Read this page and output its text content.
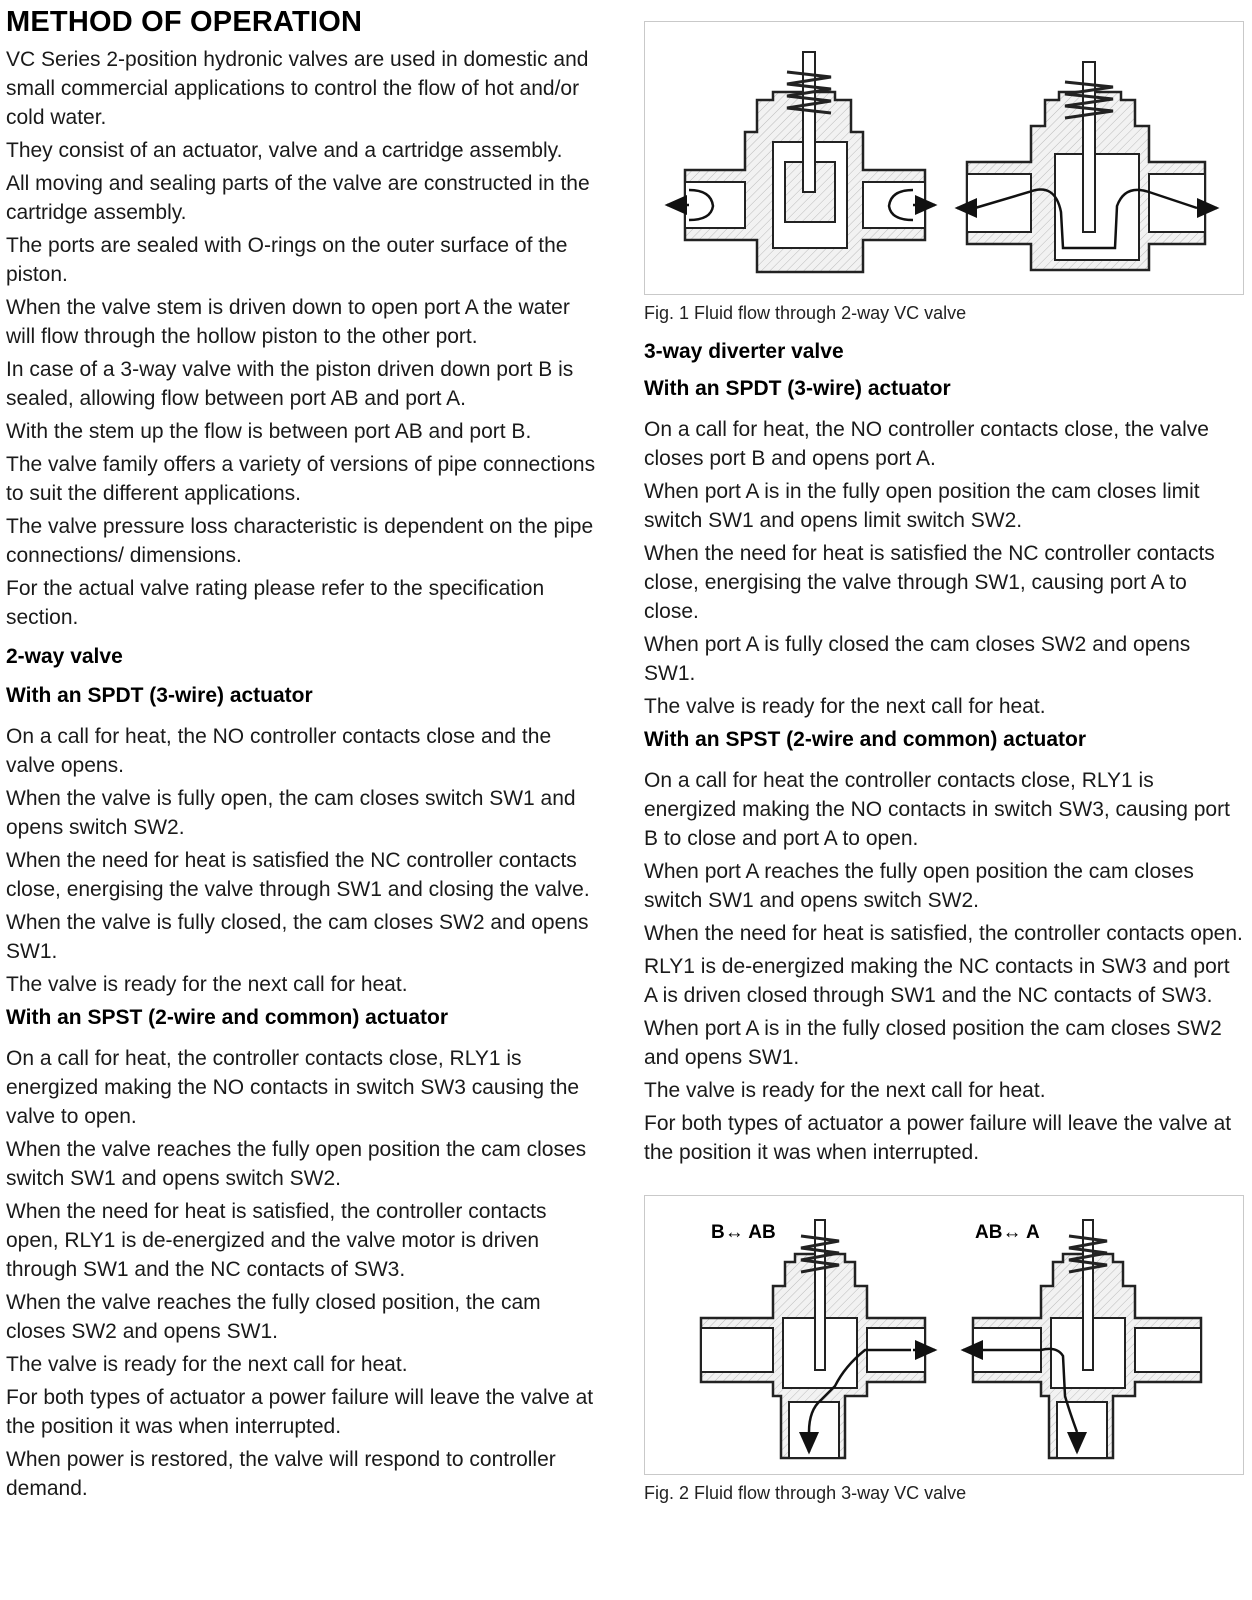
METHOD OF OPERATION

VC Series 2-position hydronic valves are used in domestic and small commercial applications to control the flow of hot and/or cold water.

They consist of an actuator, valve and a cartridge assembly.

All moving and sealing parts of the valve are constructed in the cartridge assembly.

The ports are sealed with O-rings on the outer surface of the piston.

When the valve stem is driven down to open port A the water will flow through the hollow piston to the other port.

In case of a 3-way valve with the piston driven down port B is sealed, allowing flow between port AB and port A.

With the stem up the flow is between port AB and port B.

The valve family offers a variety of versions of pipe connections to suit the different applications.

The valve pressure loss characteristic is dependent on the pipe connections/ dimensions.

For the actual valve rating please refer to the specification section.

2-way valve
With an SPDT (3-wire) actuator

On a call for heat, the NO controller contacts close and the valve opens.

When the valve is fully open, the cam closes switch SW1 and opens switch SW2.

When the need for heat is satisfied the NC controller contacts close, energising the valve through SW1 and closing the valve.

When the valve is fully closed, the cam closes SW2 and opens SW1.

The valve is ready for the next call for heat.

With an SPST (2-wire and common) actuator

On a call for heat, the controller contacts close, RLY1 is energized making the NO contacts in switch SW3 causing the valve to open.

When the valve reaches the fully open position the cam closes switch SW1 and opens switch SW2.

When the need for heat is satisfied, the controller contacts open, RLY1 is de-energized and the valve motor is driven through SW1 and the NC contacts of SW3.

When the valve reaches the fully closed position, the cam closes SW2 and opens SW1.

The valve is ready for the next call for heat.

For both types of actuator a power failure will leave the valve at the position it was when interrupted.

When power is restored, the valve will respond to controller demand.

Fig. 1 Fluid flow through 2-way VC valve

3-way diverter valve
With an SPDT (3-wire) actuator

On a call for heat, the NO controller contacts close, the valve closes port B and opens port A.

When port A is in the fully open position the cam closes limit switch SW1 and opens limit switch SW2.

When the need for heat is satisfied the NC controller contacts close, energising the valve through SW1, causing port A to close.

When port A is fully closed the cam closes SW2 and opens SW1.

The valve is ready for the next call for heat.

With an SPST (2-wire and common) actuator

On a call for heat the controller contacts close, RLY1 is energized making the NO contacts in switch SW3, causing port B to close and port A to open.

When port A reaches the fully open position the cam closes switch SW1 and opens switch SW2.

When the need for heat is satisfied, the controller contacts open.

RLY1 is de-energized making the NC contacts in SW3 and port A is driven closed through SW1 and the NC contacts of SW3.

When port A is in the fully closed position the cam closes SW2 and opens SW1.

The valve is ready for the next call for heat.

For both types of actuator a power failure will leave the valve at the position it was when interrupted.

B↔ AB	AB↔ A

Fig. 2 Fluid flow through 3-way VC valve
